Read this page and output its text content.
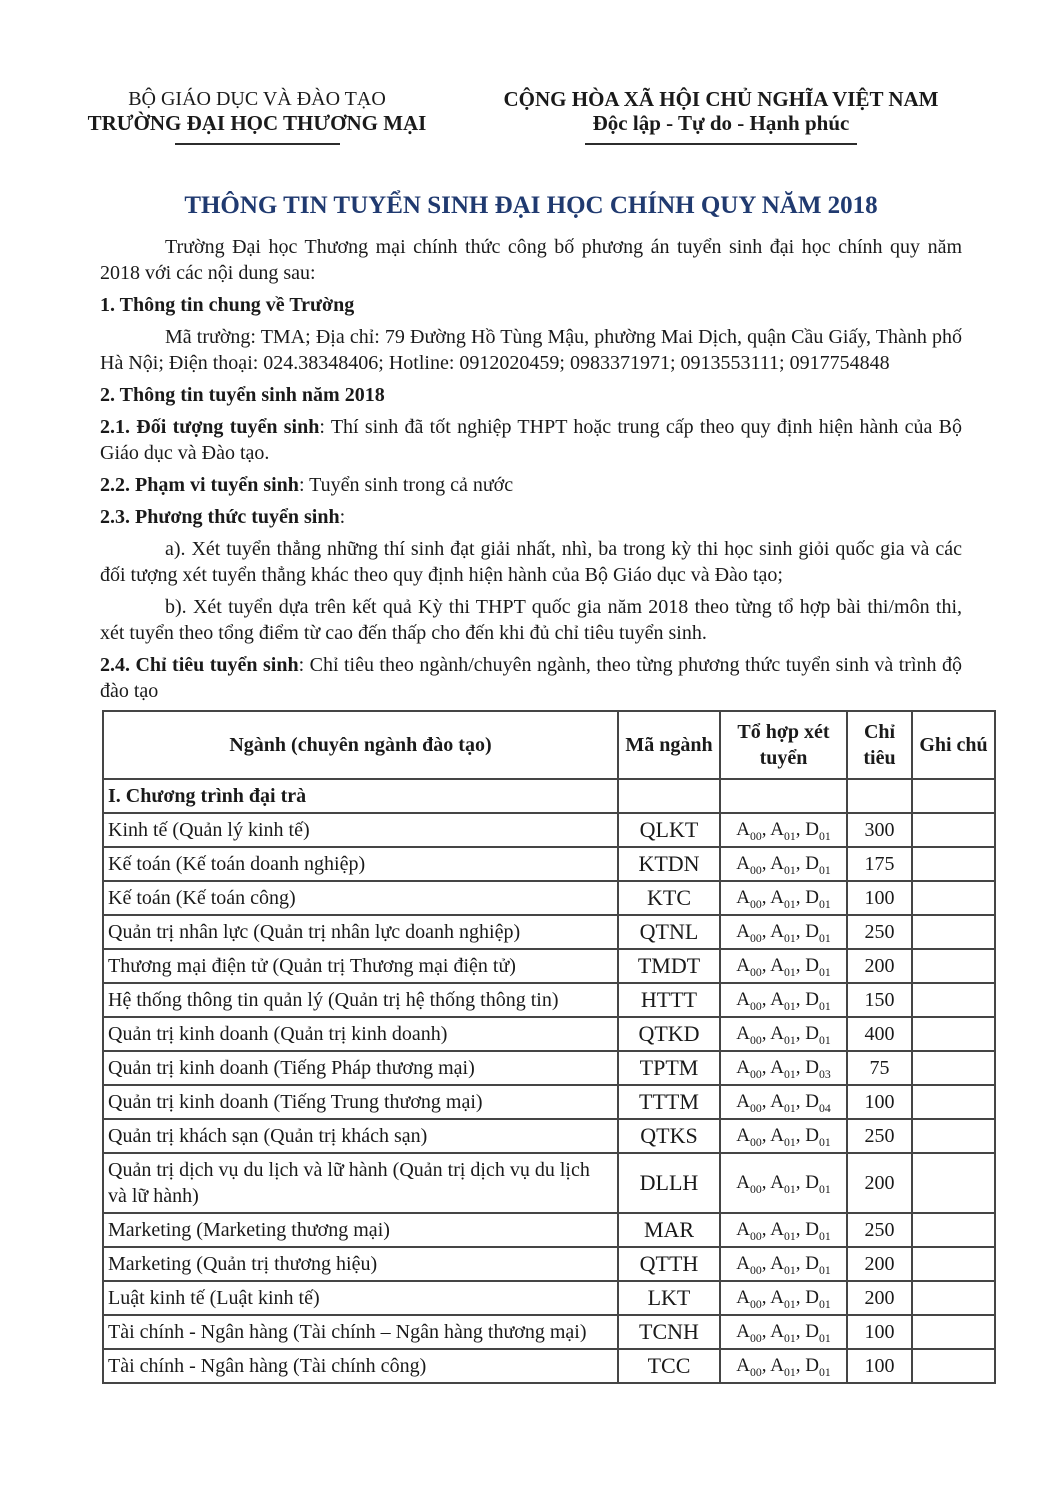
BỘ GIÁO DỤC VÀ ĐÀO TẠO
TRƯỜNG ĐẠI HỌC THƯƠNG MẠI
CỘNG HÒA XÃ HỘI CHỦ NGHĨA VIỆT NAM
Độc lập - Tự do - Hạnh phúc
THÔNG TIN TUYỂN SINH ĐẠI HỌC CHÍNH QUY NĂM 2018

Trường Đại học Thương mại chính thức công bố phương án tuyển sinh đại học chính quy năm 2018 với các nội dung sau:

1. Thông tin chung về Trường

Mã trường: TMA; Địa chỉ: 79 Đường Hồ Tùng Mậu, phường Mai Dịch, quận Cầu Giấy, Thành phố Hà Nội; Điện thoại: 024.38348406; Hotline: 0912020459; 0983371971; 0913553111; 0917754848

2. Thông tin tuyển sinh năm 2018

2.1. Đối tượng tuyển sinh: Thí sinh đã tốt nghiệp THPT hoặc trung cấp theo quy định hiện hành của Bộ Giáo dục và Đào tạo.

2.2. Phạm vi tuyển sinh: Tuyển sinh trong cả nước

2.3. Phương thức tuyển sinh:

a). Xét tuyển thẳng những thí sinh đạt giải nhất, nhì, ba trong kỳ thi học sinh giỏi quốc gia và các đối tượng xét tuyển thẳng khác theo quy định hiện hành của Bộ Giáo dục và Đào tạo;

b). Xét tuyển dựa trên kết quả Kỳ thi THPT quốc gia năm 2018 theo từng tổ hợp bài thi/môn thi, xét tuyển theo tổng điểm từ cao đến thấp cho đến khi đủ chỉ tiêu tuyển sinh.

2.4. Chỉ tiêu tuyển sinh: Chỉ tiêu theo ngành/chuyên ngành, theo từng phương thức tuyển sinh và trình độ đào tạo

Ngành (chuyên ngành đào tạo)	Mã ngành	Tổ hợp xét tuyển	Chỉ tiêu	Ghi chú
I. Chương trình đại trà				
Kinh tế (Quản lý kinh tế)	QLKT	$A_{00}$, $A_{01}$, $D_{01}$	300	
Kế toán (Kế toán doanh nghiệp)	KTDN	$A_{00}$, $A_{01}$, $D_{01}$	175	
Kế toán (Kế toán công)	KTC	$A_{00}$, $A_{01}$, $D_{01}$	100	
Quản trị nhân lực (Quản trị nhân lực doanh nghiệp)	QTNL	$A_{00}$, $A_{01}$, $D_{01}$	250	
Thương mại điện tử (Quản trị Thương mại điện tử)	TMDT	$A_{00}$, $A_{01}$, $D_{01}$	200	
Hệ thống thông tin quản lý (Quản trị hệ thống thông tin)	HTTT	$A_{00}$, $A_{01}$, $D_{01}$	150	
Quản trị kinh doanh (Quản trị kinh doanh)	QTKD	$A_{00}$, $A_{01}$, $D_{01}$	400	
Quản trị kinh doanh (Tiếng Pháp thương mại)	TPTM	$A_{00}$, $A_{01}$, $D_{03}$	75	
Quản trị kinh doanh (Tiếng Trung thương mại)	TTTM	$A_{00}$, $A_{01}$, $D_{04}$	100	
Quản trị khách sạn (Quản trị khách sạn)	QTKS	$A_{00}$, $A_{01}$, $D_{01}$	250	
Quản trị dịch vụ du lịch và lữ hành (Quản trị dịch vụ du lịch và lữ hành)	DLLH	$A_{00}$, $A_{01}$, $D_{01}$	200	
Marketing (Marketing thương mại)	MAR	$A_{00}$, $A_{01}$, $D_{01}$	250	
Marketing (Quản trị thương hiệu)	QTTH	$A_{00}$, $A_{01}$, $D_{01}$	200	
Luật kinh tế (Luật kinh tế)	LKT	$A_{00}$, $A_{01}$, $D_{01}$	200	
Tài chính - Ngân hàng (Tài chính – Ngân hàng thương mại)	TCNH	$A_{00}$, $A_{01}$, $D_{01}$	100	
Tài chính - Ngân hàng (Tài chính công)	TCC	$A_{00}$, $A_{01}$, $D_{01}$	100	
